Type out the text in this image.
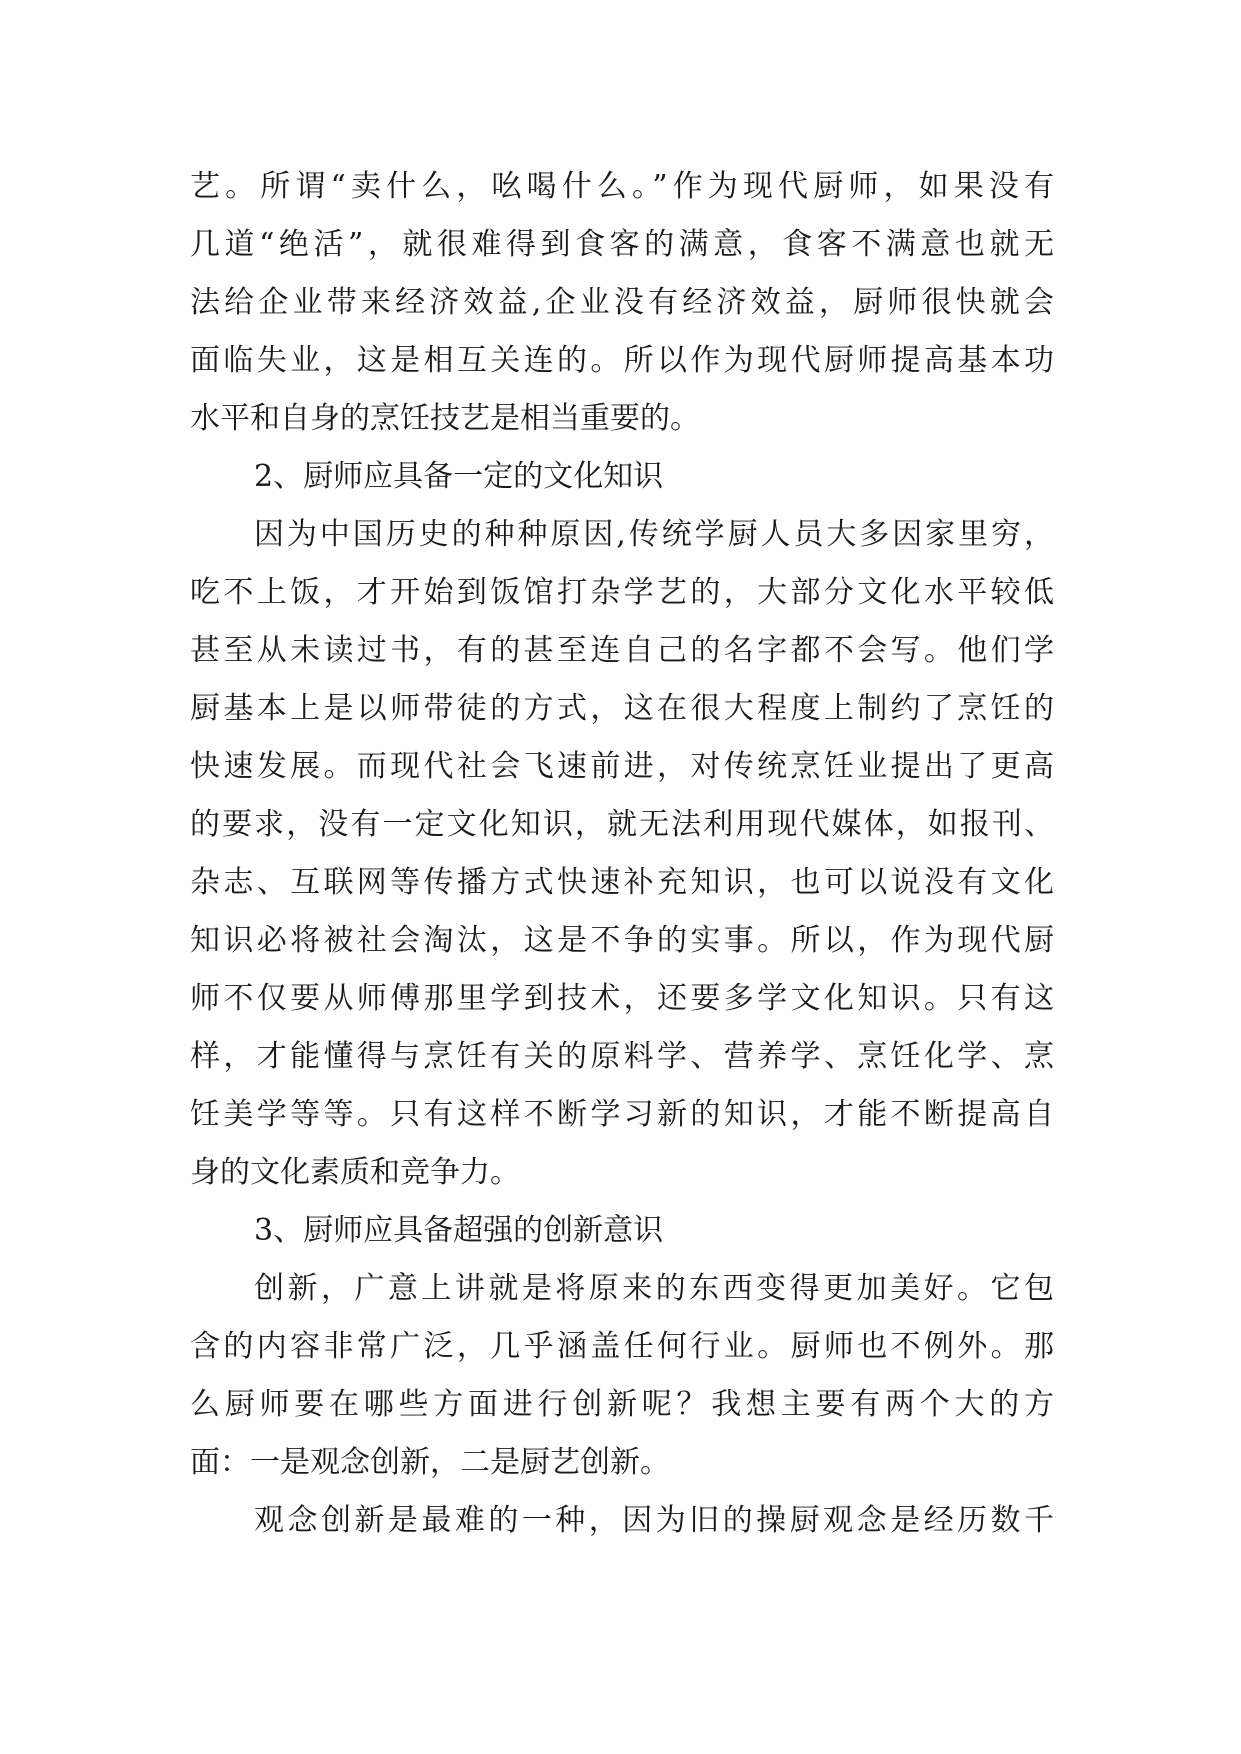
艺。所谓“卖什么，吆喝什么。”作为现代厨师，如果没有
几道“绝活”，就很难得到食客的满意，食客不满意也就无
法给企业带来经济效益,企业没有经济效益，厨师很快就会
面临失业，这是相互关连的。所以作为现代厨师提高基本功
水平和自身的烹饪技艺是相当重要的。
2、厨师应具备一定的文化知识
因为中国历史的种种原因,传统学厨人员大多因家里穷，
吃不上饭，才开始到饭馆打杂学艺的，大部分文化水平较低
甚至从未读过书，有的甚至连自己的名字都不会写。他们学
厨基本上是以师带徒的方式，这在很大程度上制约了烹饪的
快速发展。而现代社会飞速前进，对传统烹饪业提出了更高
的要求，没有一定文化知识，就无法利用现代媒体，如报刊、
杂志、互联网等传播方式快速补充知识，也可以说没有文化
知识必将被社会淘汰，这是不争的实事。所以，作为现代厨
师不仅要从师傅那里学到技术，还要多学文化知识。只有这
样，才能懂得与烹饪有关的原料学、营养学、烹饪化学、烹
饪美学等等。只有这样不断学习新的知识，才能不断提高自
身的文化素质和竞争力。
3、厨师应具备超强的创新意识
创新，广意上讲就是将原来的东西变得更加美好。它包
含的内容非常广泛，几乎涵盖任何行业。厨师也不例外。那
么厨师要在哪些方面进行创新呢？我想主要有两个大的方
面：一是观念创新，二是厨艺创新。
观念创新是最难的一种，因为旧的操厨观念是经历数千
